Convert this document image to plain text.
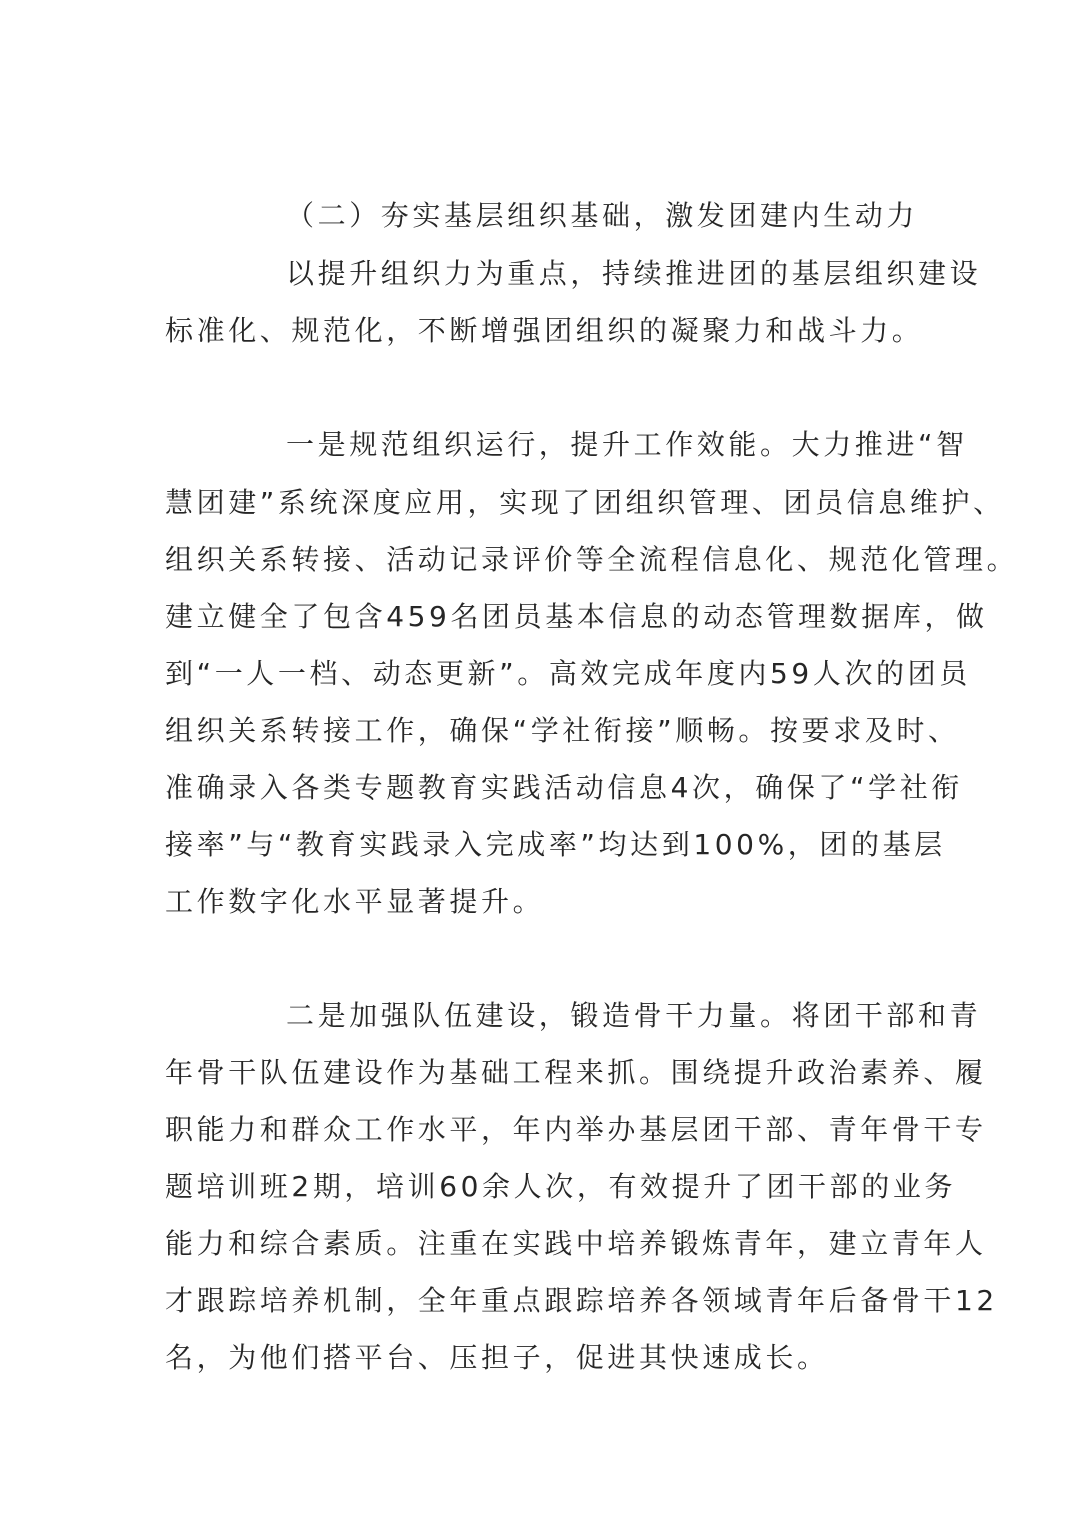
（二）夯实基层组织基础，激发团建内生动力
以提升组织力为重点，持续推进团的基层组织建设
标准化、规范化，不断增强团组织的凝聚力和战斗力。
一是规范组织运行，提升工作效能。大力推进“智
慧团建”系统深度应用，实现了团组织管理、团员信息维护、
组织关系转接、活动记录评价等全流程信息化、规范化管理。
建立健全了包含459名团员基本信息的动态管理数据库，做
到“一人一档、动态更新”。高效完成年度内59人次的团员
组织关系转接工作，确保“学社衔接”顺畅。按要求及时、
准确录入各类专题教育实践活动信息4次，确保了“学社衔
接率”与“教育实践录入完成率”均达到100%，团的基层
工作数字化水平显著提升。
二是加强队伍建设，锻造骨干力量。将团干部和青
年骨干队伍建设作为基础工程来抓。围绕提升政治素养、履
职能力和群众工作水平，年内举办基层团干部、青年骨干专
题培训班2期，培训60余人次，有效提升了团干部的业务
能力和综合素质。注重在实践中培养锻炼青年，建立青年人
才跟踪培养机制，全年重点跟踪培养各领域青年后备骨干12
名，为他们搭平台、压担子，促进其快速成长。
